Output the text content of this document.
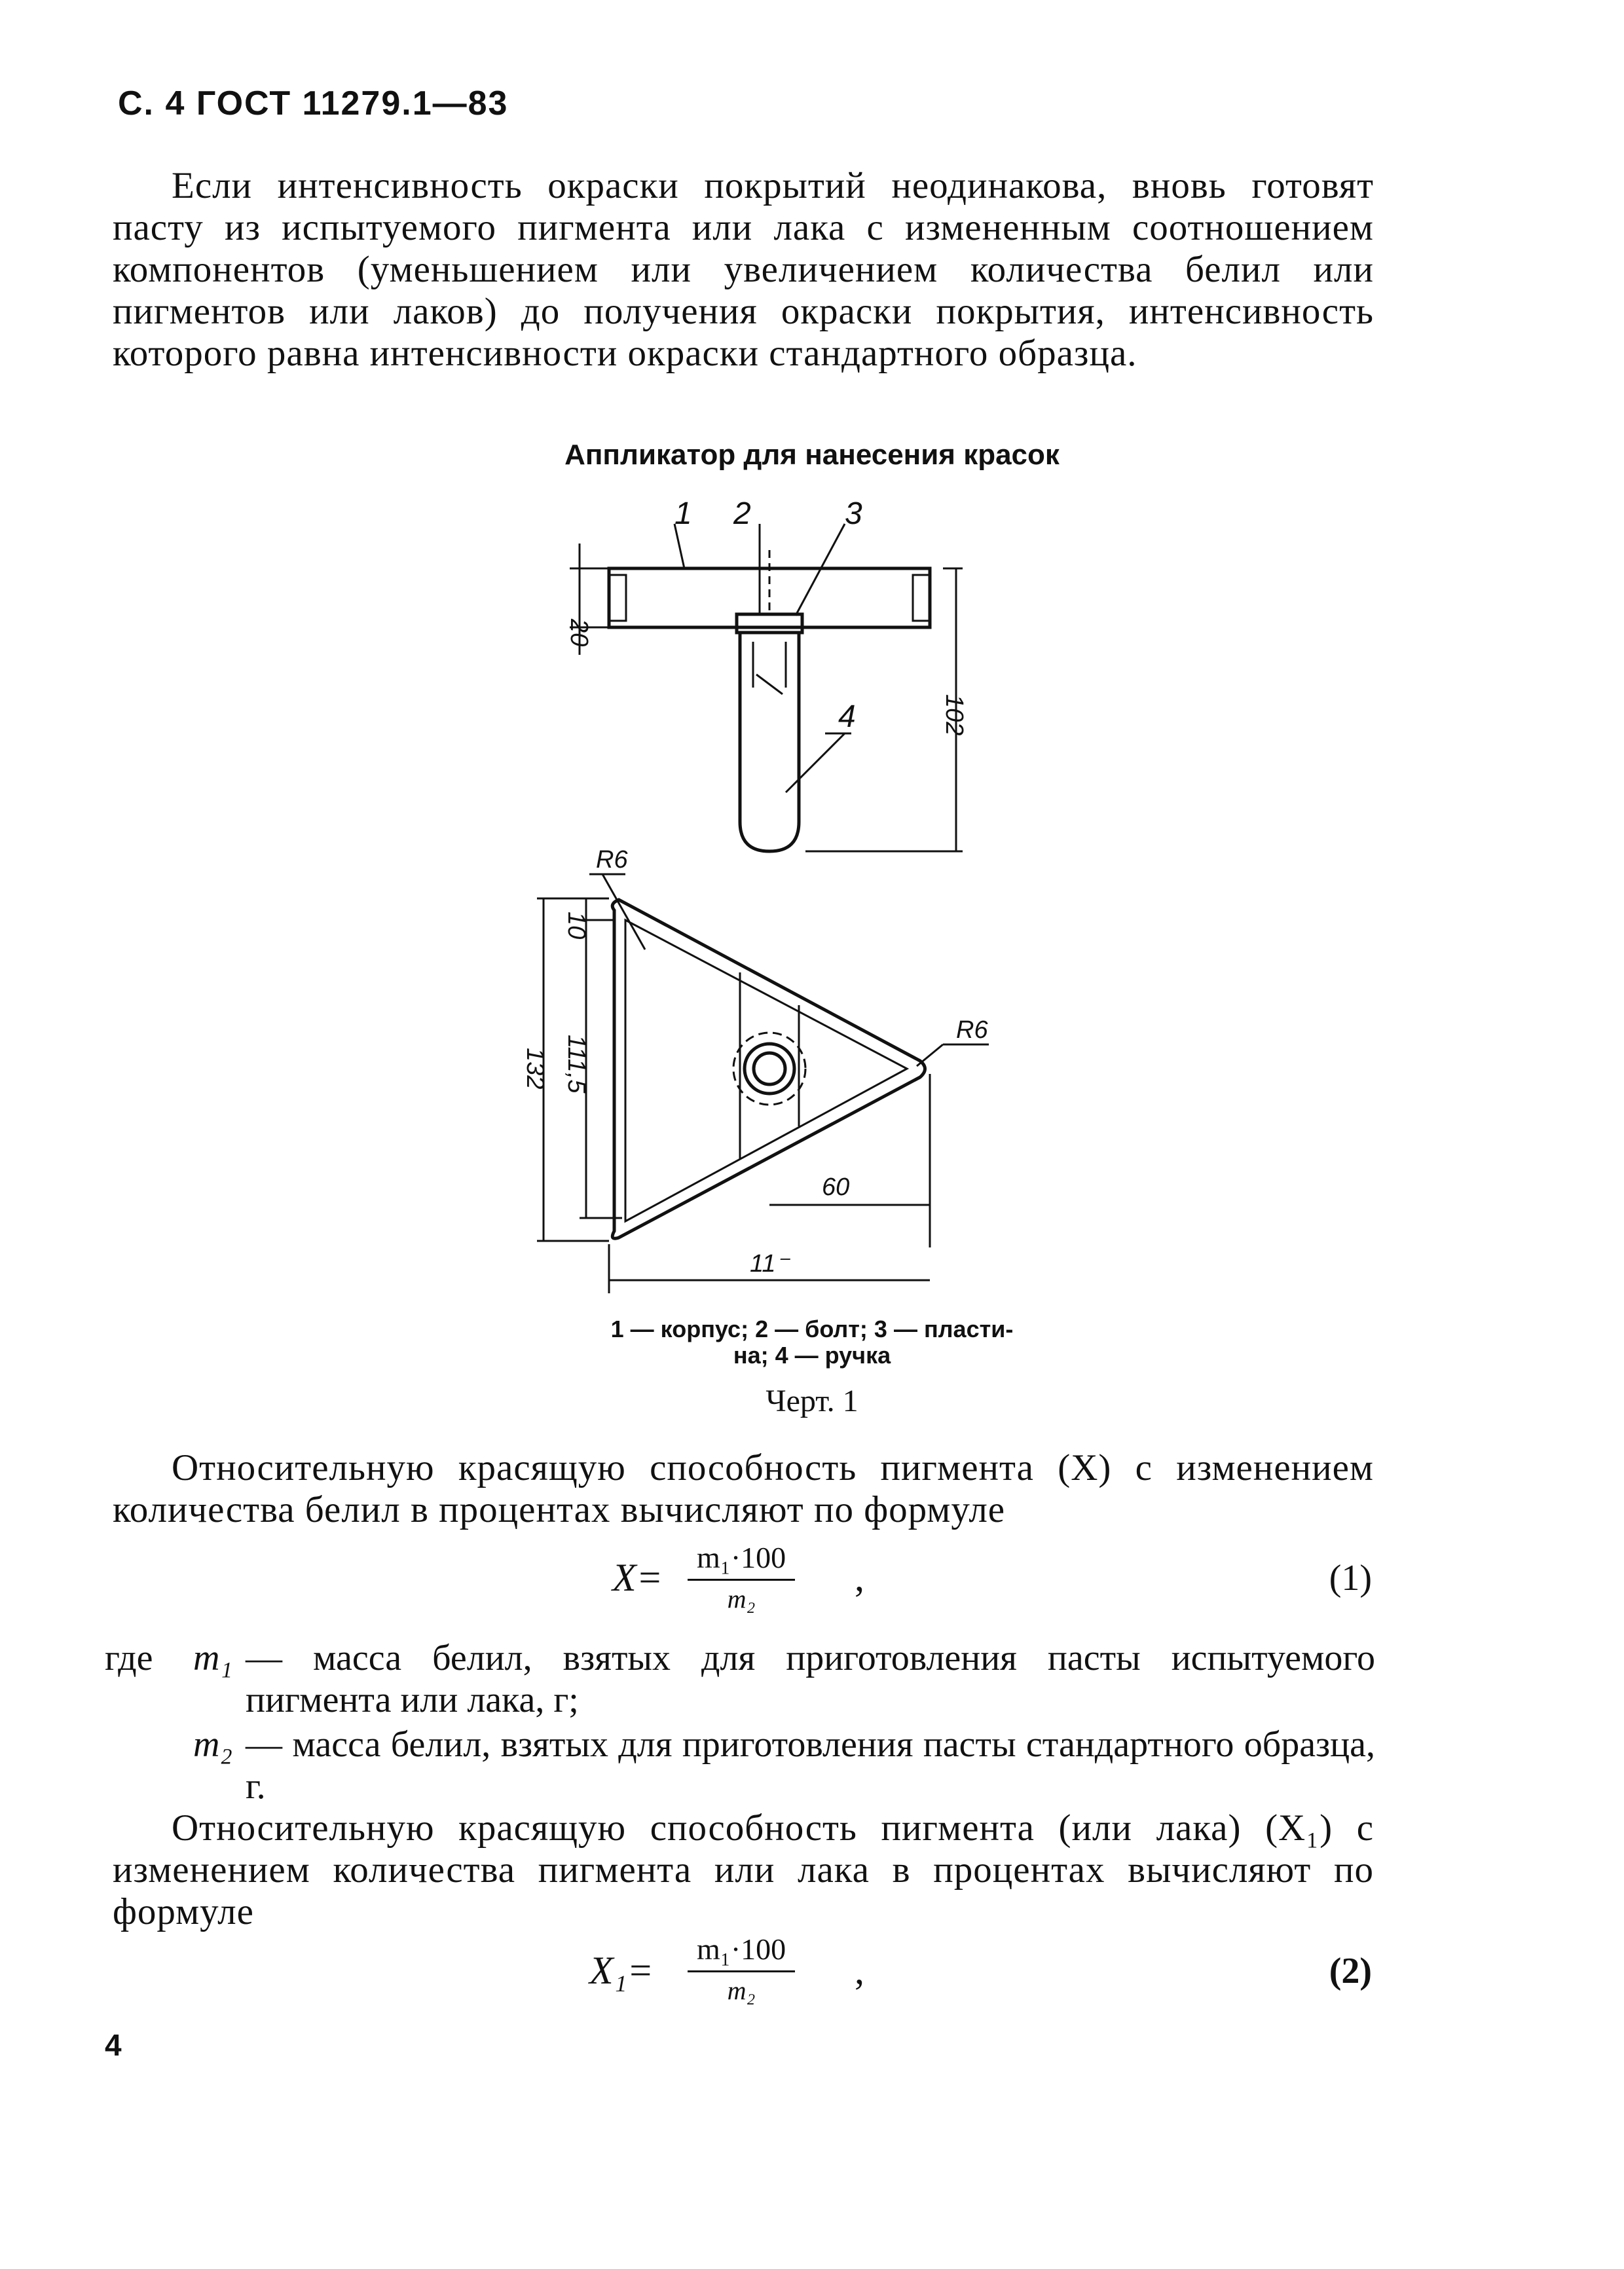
С. 4 ГОСТ 11279.1—83
Если интенсивность окраски покрытий неодинакова, вновь готовят пасту из испытуемого пигмента или лака с измененным соотношением компонентов (уменьшением или увеличением количества белил или пигментов или лаков) до получения окраски покрытия, интенсивность которого равна интенсивности окраски стандартного образца.
Аппликатор для нанесения красок
1 2	3
4
20
102
R6
R6
10
132 111,5
60
11⁻
1 — корпус; 2 — болт; 3 — пласти-
на; 4 — ручка
Черт. 1
Относительную красящую способность пигмента (X) с изменением количества белил в процентах вычисляют по формуле
$X= \frac{\text{m₁·100}}{\text{m₂}}$ ,	(1)
где	m₁ — масса белил, взятых для приготовления пасты испытуемого пигмента или лака, г;
m₂ — масса белил, взятых для приготовления пасты стандартного образца, г.
Относительную красящую способность пигмента (или лака) (X₁) с изменением количества пигмента или лака в процентах вычисляют по формуле
$X_1= \frac{\text{m₁·100}}{\text{m₂}}$ ,	(2)
4
